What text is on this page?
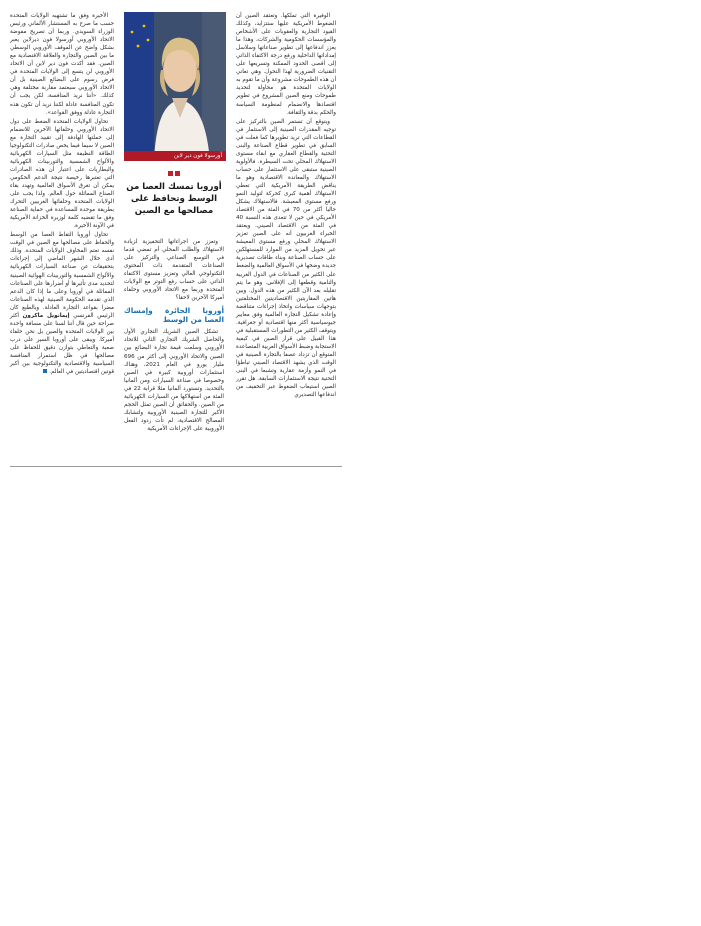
الوفيرة التي تملكها. وتعتقد الصين أن الضغوط الأمريكية عليها ستتزايد، وكذلك القيود التجارية والعقوبات على الأشخاص والمؤسسات الحكومية والشركات، وهذا ما يعزز اندفاعها إلى تطوير صناعاتها وسلاسل إمداداتها الداخلية ورفع درجة الاكتفاء الذاتي إلى أقصى الحدود الممكنة وتسريعها على التقنيات الضرورية لهذا التحول. وهي تعاني أن هذه الطموحات مشروعة وأن ما تقوم به الولايات المتحدة هو محاولة لتحديد طموحات ومنع الصين المشروع في تطوير اقتصادها والانضمام لمنظومة السياسة والحكم بدقة والثقافة.

ويتوقع أن تستمر الصين بالتركيز على توجيه المقدرات الصينية إلى الاستثمار في القطاعات التي تريد تطويرها كما فعلت في السابق في تطوير قطاع الصناعة والبنى التحتية والقطاع العقاري مع ابقاء مستوى الاستهلاك المحلي تحت السيطرة. فالأولوية الصينية ستبقى على الاستثمار على حساب الاستهلاك والمعاندة الاقتصادية وهو ما يناقض الطريقة الأمريكية التي تعطي الاستهلاك أهمية كبرى كحركة لتوليد النمو ورفع مستوى المعيشة. فالاستهلاك يشكل حاليا أكثر من 70 في المئة من الاقتصاد الأمريكي في حين لا تتعدى هذه النسبة 40 في المئة من الاقتصاد الصيني. ويعتقد الخبراء الغربيون أنه على الصين تعزيز الاستهلاك المحلي ورفع مستوى المعيشة عبر تحويل المزيد من الموارد للمستهلكين على حساب الصناعة وبناء طاقات تصديرية جديدة وضخها في الأسواق العالمية والضغط على الكثير من الصناعات في الدول الغربية والنامية وقطعها إلى الإفلاس. وهو ما يتم تقليله بعد الآن الكثير من هذه الدول. وبين هاتين المقاربتين الاقتصاديتين المختلفتين بتوجهات سياسات واتخاذ إجراءات متناقضة وإعادة تشكيل التجارة العالمية وفق معايير جيوسياسية أكثر منها اقتصادية أو جغرافية. ويتوقف الكثير من التطورات المستقبلية في هذا القبيل على قرار الصين في كيفية الاستجابة وضبط الأسواق العربية المتصاعدة المتوقع أن تزداد عصفا بالتجارة الصينية في الوقت الذي يشهد الاقتصاد الصيني تباطؤا في النمو وأزمة عقارية وتشبعا في البنى التحتية نتيجة الاستثمارات السابقة. هل تقرر الصين استيعاب الضغوط عبر التخفيف من اندفاعها التصديري

أورسولا فون دير لاين
أوروبا تمسك العصا من الوسط وتحافظ على مصالحها مع الصين

وتعزز من اجراءاتها التحفيزية لزيادة الاستهلاك والطلب المحلي أم تمضي قدما في التوسع الصناعي والتركيز على الصناعات المتقدمة ذات المحتوى التكنولوجي العالي وتعزيز مستوى الاكتفاء الذاتي على حساب رفع التوتر مع الولايات المتحدة وربما مع الاتحاد الأوروبي وحلفاء أميركا الآخرين لاحقا؟

أوروبا الحائرة وإمساك العصا من الوسط

تشكل الصين الشريك التجاري الأول والحاصل الشريك التجاري الثاني للاتحاد الأوروبي وسلعت قيمة تجارة البضائع بين الصين والاتحاد الأوروبي إلى أكثر من 696 مليار يورو في العام 2021، وهناك استثمارات أوروبية كبيرة في الصين وخصوصا في صناعة السيارات ومن ألمانيا بالتحديد. وتستورد ألمانيا مثلا قرابة 22 في المئة من استهلاكها من السيارات الكهربائية من الصين. والحقائق أن الصين تمثل الحجم الأكبر للتجارة الصينية الأوروبية ولتشابك المصالح الاقتصادية، لم تأت ردود الفعل الأوروبية على الإجراءات الأمريكية

الأخيرة وفق ما تشتهيه الولايات المتحدة حسب ما صرح به المستشار الألماني ورئيس الوزراء السويدي. وربما أن تصريح مفوضة الاتحاد الأوروبي أورسولا فون ديرلاين يعبر بشكل واضح عن الموقف الأوروبي الوسطي ما بين الصين والتجارة والعلاقة الاقتصادية مع الصين. فقد أكدت فون دير لاين أن الاتحاد الأوروبي لن يتسع إلى الولايات المتحدة في فرض رسوم على البضائع الصينية بل أن الاتحاد الأوروبي سيعتمد مقاربة مختلفة وهي كذلك. «أننا نريد المنافسة، لكن يجب أن تكون المنافسة عادلة لكننا نريد أن تكون هذه التجارة عادلة ووفق القواعد».

تحاول الولايات المتحدة الضغط على دول الاتحاد الأوروبي وحلفائها الآخرين للانضمام إلى حملتها الهادفة إلى تقييد التجارة مع الصين لا سيما فيما يخص صادرات التكنولوجيا الطاقة النظيفة مثل السيارات الكهربائية والألواح الشمسية والتوربينات الكهربائية والبطاريات على اعتبار أن هذه الصادرات التي تعتبرها رخيصة نتيجة الدعم الحكومي يمكن أن تغرق الأسواق العالمية وتهدد بقاء الصناع المماثلة حول العالم. ولذا يجب على الولايات المتحدة وحلفائها الغربيين التحرك بطريقة موحدة للمساعدة في حماية الصناعة وفق ما تقضيه كلمة لوزيرة الخزانة الأمريكية في الآونة الأخيرة.

تحاول أوروبا التقاط العصا من الوسط والحفاظ على مصالحها مع الصين في الوقت نفسه تعتم المخاوف الولايات المتحدة. وذلك أدى خلال الشهر الماضي إلى إجراءات بتحقيقات عن صناعة السيارات الكهربائية والألواح الشمسية والتوربينات الهوائية الصينية لتحديد مدى تأثيرها أو أضرارها على الصناعات المماثلة في أوروبا وعلى ما إذا كان الدعم الذي تقدمه الحكومة الصينية لهذه الصناعات مضرا بقواعد التجارة العادلة. وبالطبع كان الرئيس الفرنسي إيمانويل ماكرون أكثر صراحة حين قال أننا لسنا على مسافة واحدة بين الولايات المتحدة والصين بل نحن حلفاء أميركا. ويبقى على أوروبا السير على درب صعبة والتعاطي بتوازن دقيق للحفاظ على مصالحها في ظل استمرار المنافسة السياسية والاقتصادية والتكنولوجية بين أكبر قوتين اقتصاديتين في العالم.
